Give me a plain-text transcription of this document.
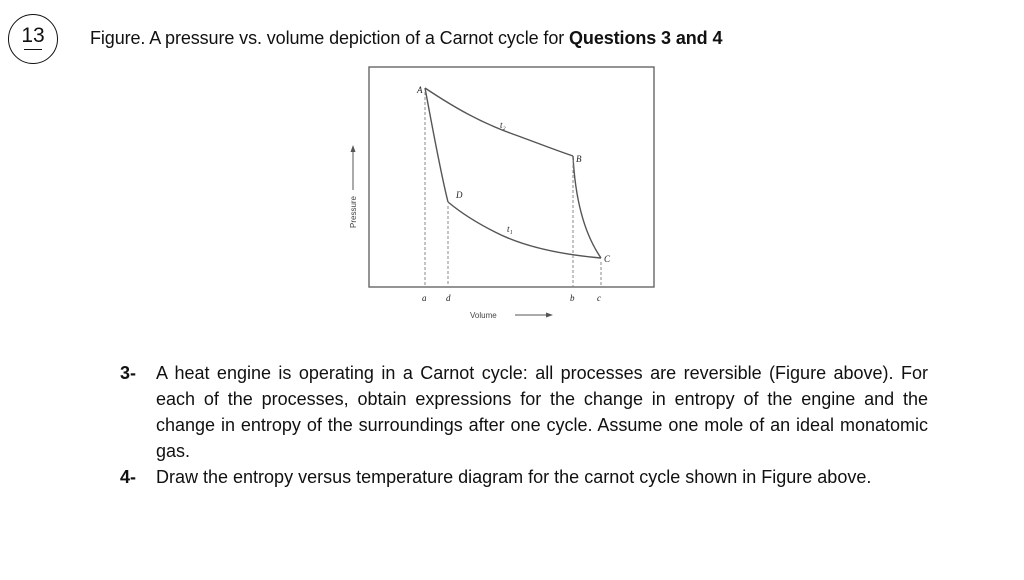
13	Figure. A pressure vs. volume depiction of a Carnot cycle for Questions 3 and 4
A
B
C
D
t₂
t₁
a d	b	c
Volume
Pressure
3-	A heat engine is operating in a Carnot cycle: all processes are reversible (Figure above). For each of the processes, obtain expressions for the change in entropy of the engine and the change in entropy of the surroundings after one cycle. Assume one mole of an ideal monatomic gas.
4-	Draw the entropy versus temperature diagram for the carnot cycle shown in Figure above.
